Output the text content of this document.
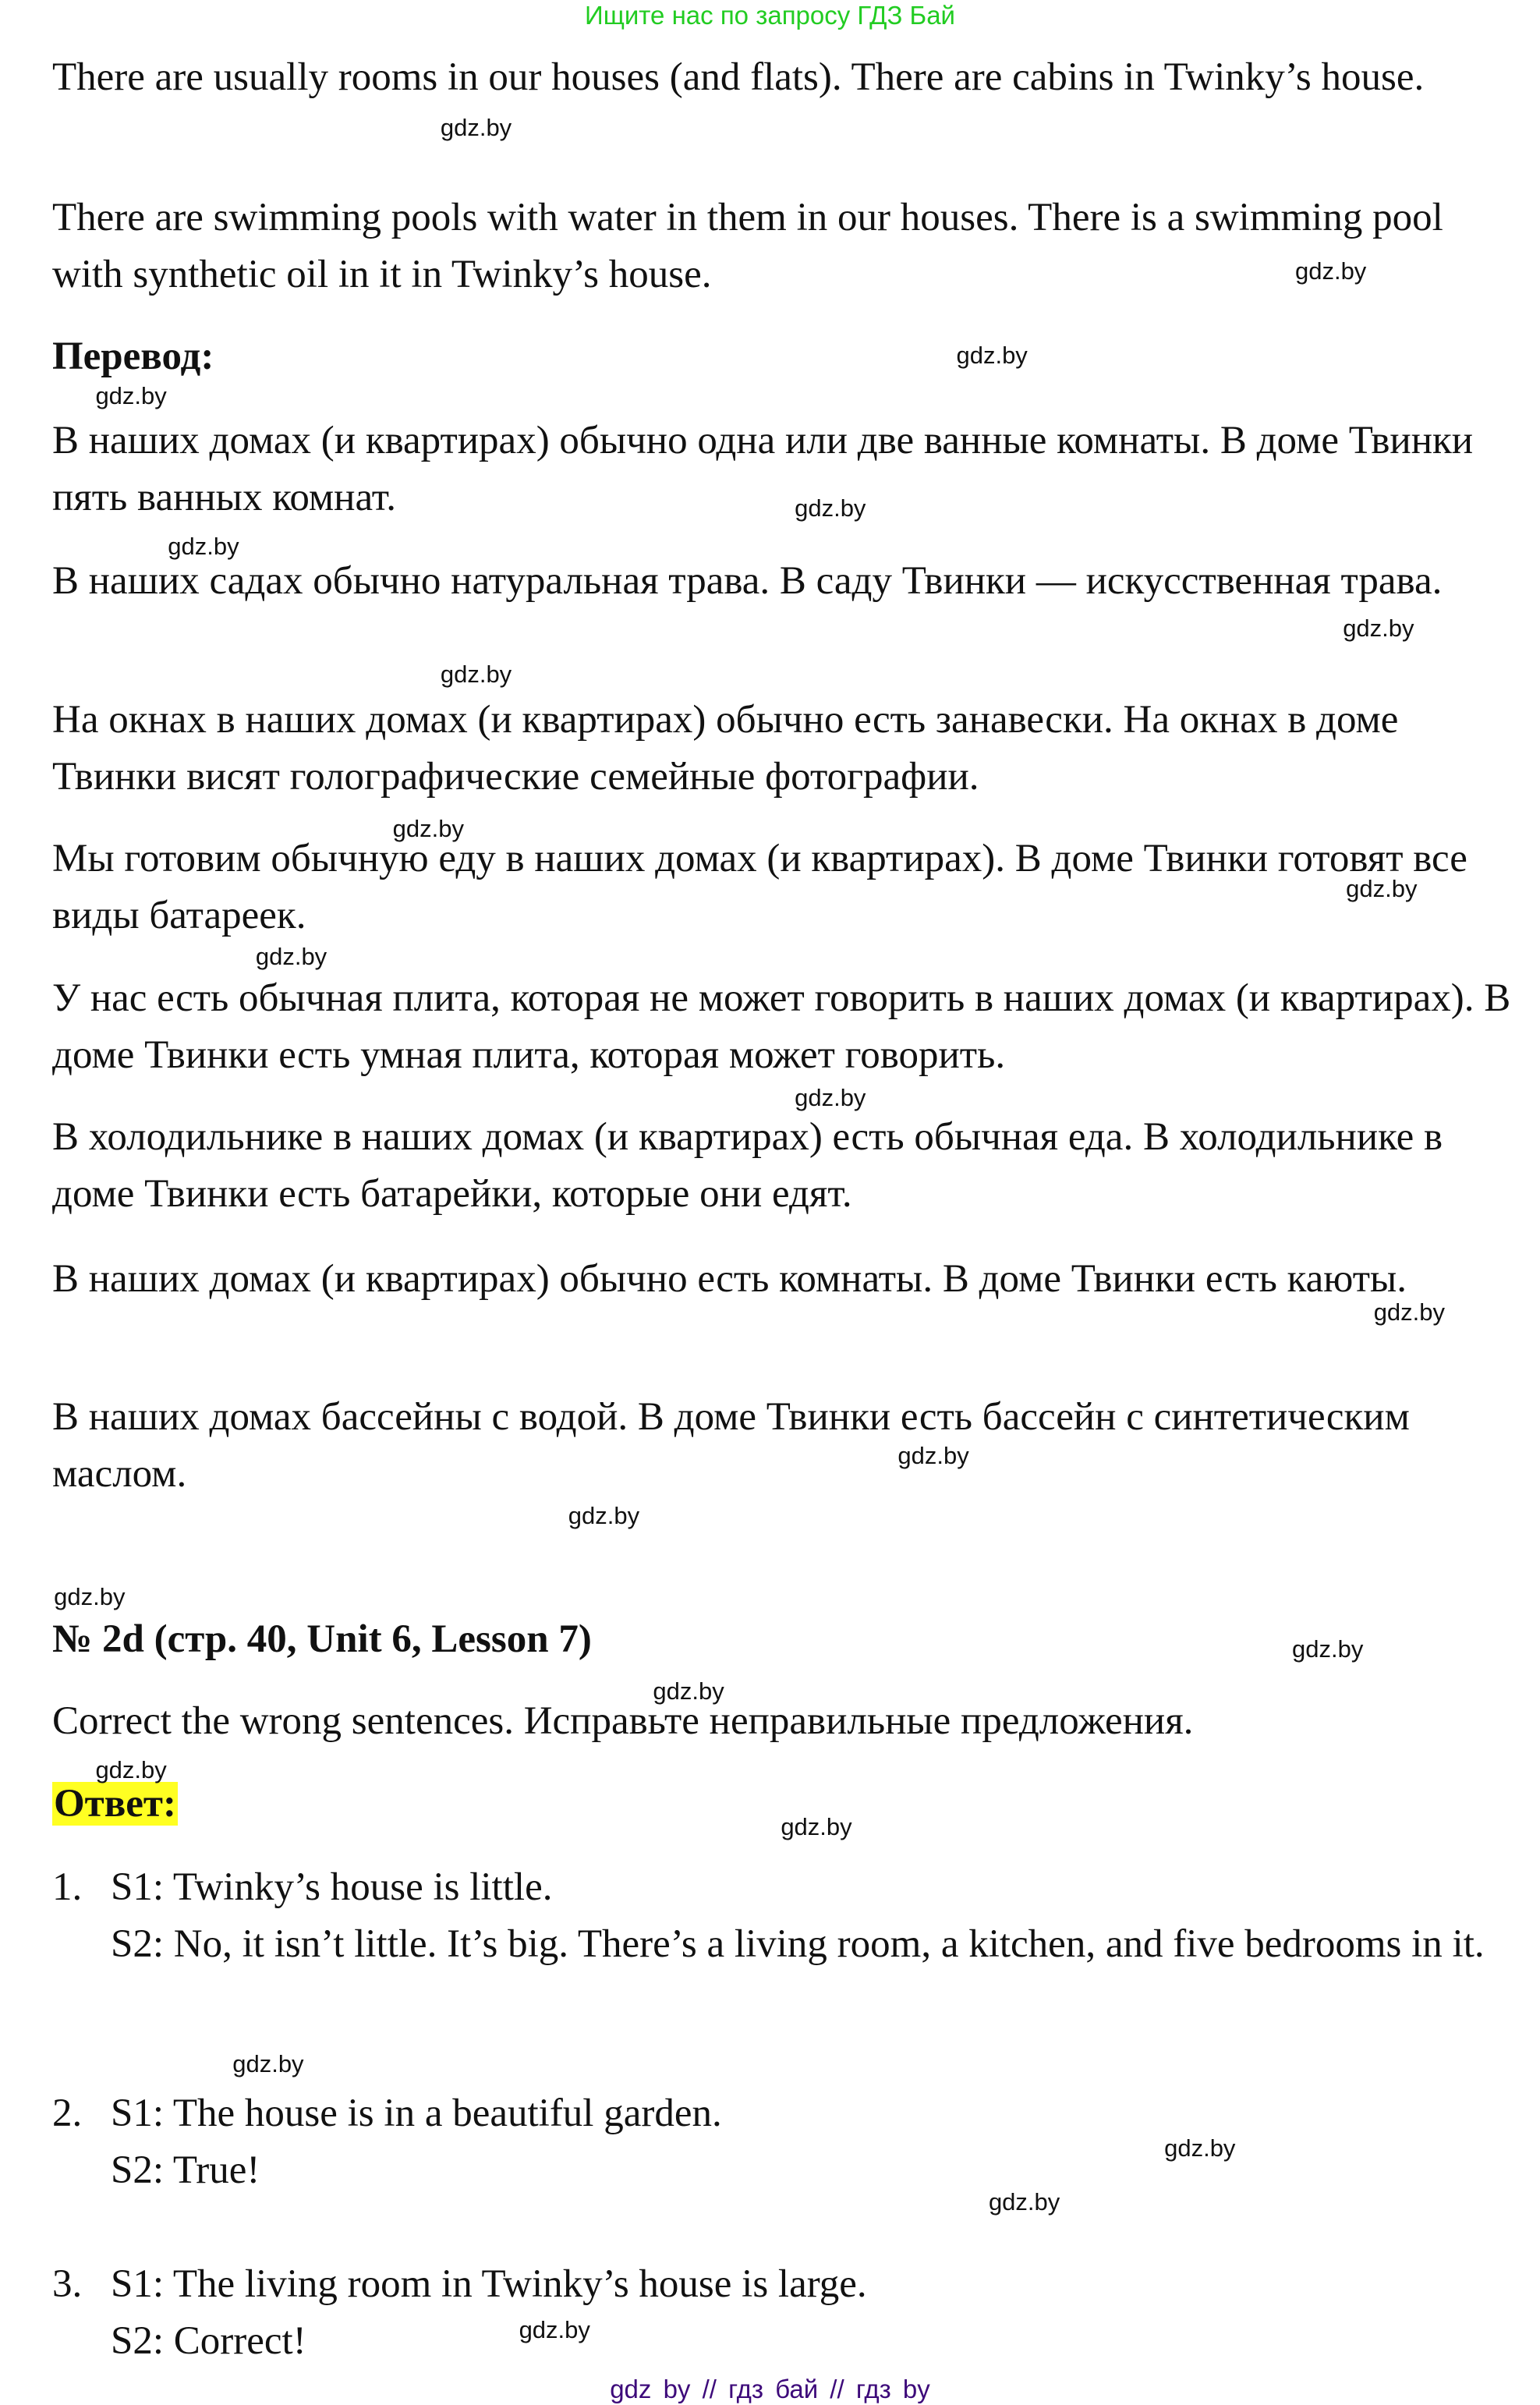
Ищите нас по запросу ГДЗ Бай

There are usually rooms in our houses (and flats). There are cabins in Twinky’s house.

There are swimming pools with water in them in our houses. There is a swimming pool with synthetic oil in it in Twinky’s house.

Перевод:

В наших домах (и квартирах) обычно одна или две ванные комнаты. В доме Твинки пять ванных комнат.

В наших садах обычно натуральная трава. В саду Твинки — искусственная трава.

На окнах в наших домах (и квартирах) обычно есть занавески. На окнах в доме Твинки висят голографические семейные фотографии.

Мы готовим обычную еду в наших домах (и квартирах). В доме Твинки готовят все виды батареек.

У нас есть обычная плита, которая не может говорить в наших домах (и квартирах). В доме Твинки есть умная плита, которая может говорить.

В холодильнике в наших домах (и квартирах) есть обычная еда. В холодильнике в доме Твинки есть батарейки, которые они едят.

В наших домах (и квартирах) обычно есть комнаты. В доме Твинки есть каюты.

В наших домах бассейны с водой. В доме Твинки есть бассейн с синтетическим маслом.

№ 2d (стр. 40, Unit 6, Lesson 7)

Correct the wrong sentences. Исправьте неправильные предложения.

Ответ:

1. S1: Twinky’s house is little.
S2: No, it isn’t little. It’s big. There’s a living room, a kitchen, and five bedrooms in it.
2. S1: The house is in a beautiful garden.
S2: True!
3. S1: The living room in Twinky’s house is large.
S2: Correct!
gdz.by
gdz.by
gdz.by
gdz.by
gdz.by
gdz.by
gdz.by
gdz.by
gdz.by
gdz.by
gdz.by
gdz.by
gdz.by
gdz.by
gdz.by
gdz.by
gdz.by
gdz.by
gdz.by
gdz.by
gdz.by
gdz.by
gdz.by
gdz.by
gdz by // гдз бай // гдз by
